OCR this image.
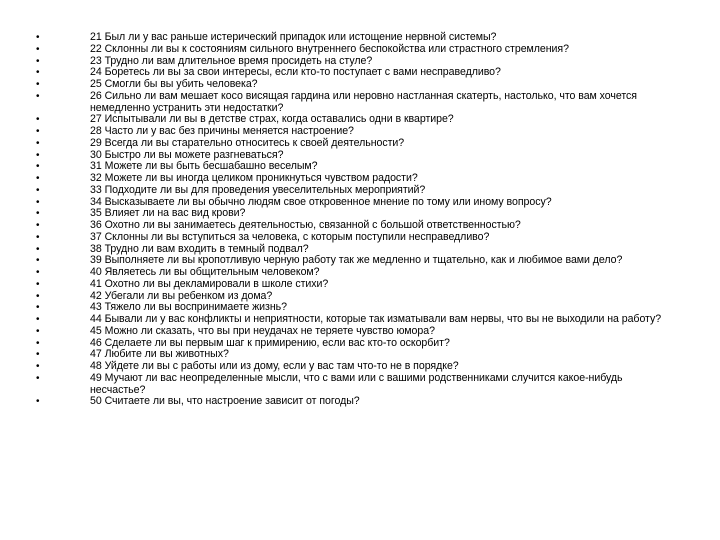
•	21 Был ли у вас раньше истерический припадок или истощение нервной системы?
•	22 Склонны ли вы к состояниям сильного внутреннего беспокойства или страстного стремления?
•	23 Трудно ли вам длительное время просидеть на стуле?
•	24 Боретесь ли вы за свои интересы, если кто-то поступает с вами несправедливо?
•	25 Смогли бы вы убить человека?
•	26 Сильно ли вам мешает косо висящая гардина или неровно настланная скатерть, настолько, что вам хочется немедленно устранить эти недостатки?
•	27 Испытывали ли вы в детстве страх, когда оставались одни в квартире?
•	28 Часто ли у вас без причины меняется настроение?
•	29 Всегда ли вы старательно относитесь к своей деятельности?
•	30 Быстро ли вы можете разгневаться?
•	31 Можете ли вы быть бесшабашно веселым?
•	32 Можете ли вы иногда целиком проникнуться чувством радости?
•	33 Подходите ли вы для проведения увеселительных мероприятий?
•	34 Высказываете ли вы обычно людям свое откровенное мнение по тому или иному вопросу?
•	35 Влияет ли на вас вид крови?
•	36 Охотно ли вы занимаетесь деятельностью, связанной с большой ответственностью?
•	37 Склонны ли вы вступиться за человека, с которым поступили несправедливо?
•	38 Трудно ли вам входить в темный подвал?
•	39 Выполняете ли вы кропотливую черную работу так же медленно и тщательно, как и любимое вами дело?
•	40 Являетесь ли вы общительным человеком?
•	41 Охотно ли вы декламировали в школе стихи?
•	42 Убегали ли вы ребенком из дома?
•	43 Тяжело ли вы воспринимаете жизнь?
•	44 Бывали ли у вас конфликты и неприятности, которые так изматывали вам нервы, что вы не выходили на работу?
•	45 Можно ли сказать, что вы при неудачах не теряете чувство юмора?
•	46 Сделаете ли вы первым шаг к примирению, если вас кто-то оскорбит?
•	47 Любите ли вы животных?
•	48 Уйдете ли вы с работы или из дому, если у вас там что-то не в порядке?
•	49 Мучают ли вас неопределенные мысли, что с вами или с вашими родственниками случится какое-нибудь несчастье?
•	50 Считаете ли вы, что настроение зависит от погоды?
